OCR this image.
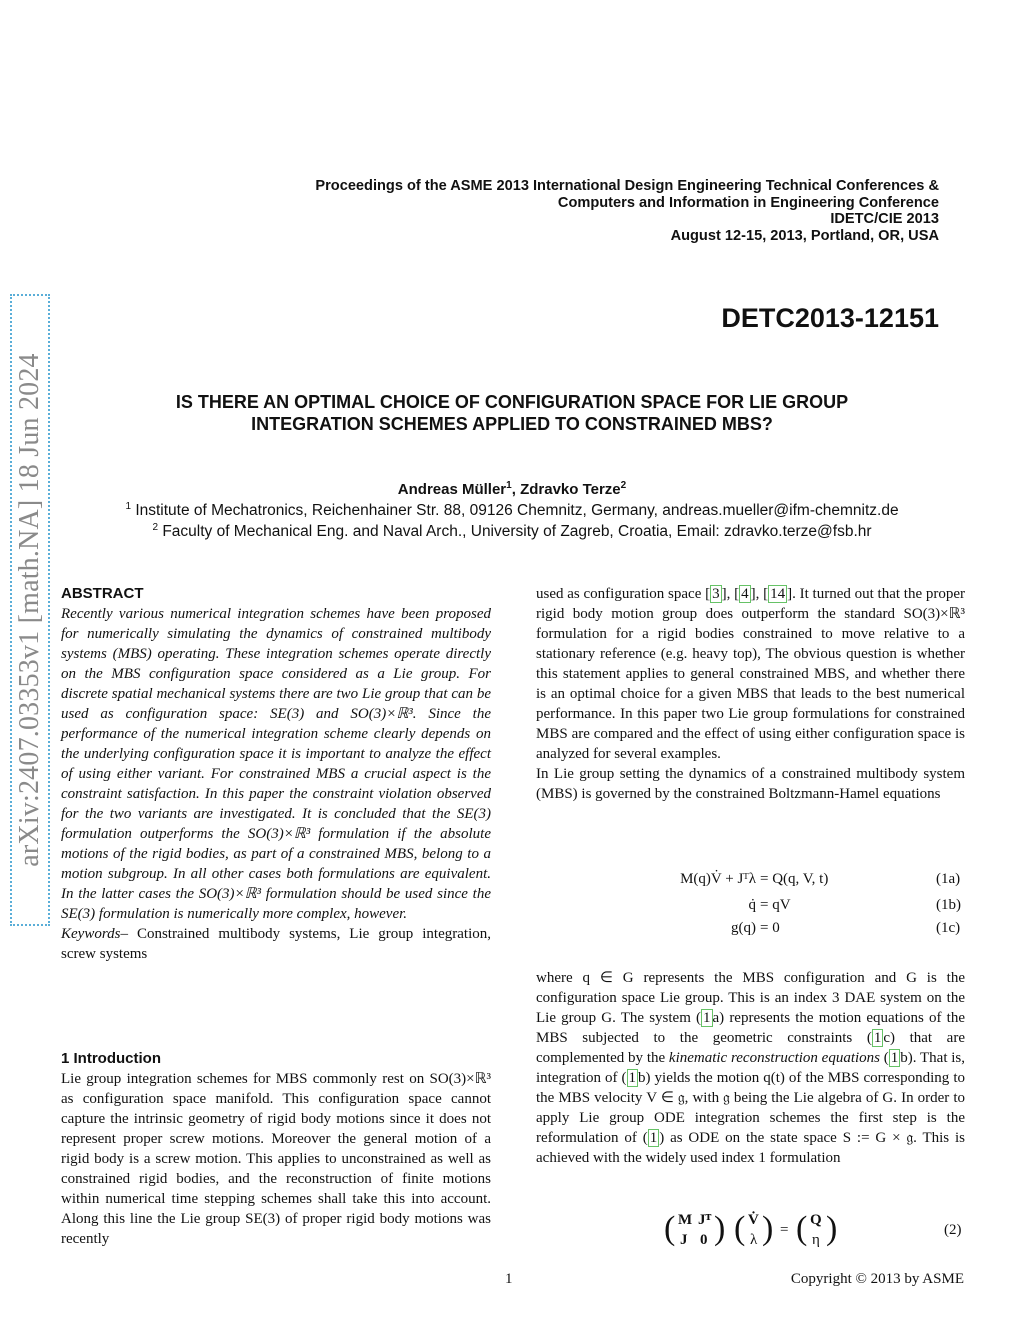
Proceedings of the ASME 2013 International Design Engineering Technical Conferences &
Computers and Information in Engineering Conference
IDETC/CIE 2013
August 12-15, 2013, Portland, OR, USA
DETC2013-12151
arXiv:2407.03353v1 [math.NA] 18 Jun 2024	IS THERE AN OPTIMAL CHOICE OF CONFIGURATION SPACE FOR LIE GROUP
INTEGRATION SCHEMES APPLIED TO CONSTRAINED MBS?
Andreas Müller$^1$, Zdravko Terze$^2$
$^1$ Institute of Mechatronics, Reichenhainer Str. 88, 09126 Chemnitz, Germany, andreas.mueller@ifm-chemnitz.de
$^2$ Faculty of Mechanical Eng. and Naval Arch., University of Zagreb, Croatia, Email: zdravko.terze@fsb.hr
ABSTRACT
Recently various numerical integration schemes have been proposed for numerically simulating the dynamics of constrained multibody systems (MBS) operating. These integration schemes operate directly on the MBS configuration space considered as a Lie group. For discrete spatial mechanical systems there are two Lie group that can be used as configuration space: SE(3) and SO(3)×ℝ³. Since the performance of the numerical integration scheme clearly depends on the underlying configuration space it is important to analyze the effect of using either variant. For constrained MBS a crucial aspect is the constraint satisfaction. In this paper the constraint violation observed for the two variants are investigated. It is concluded that the SE(3) formulation outperforms the SO(3)×ℝ³ formulation if the absolute motions of the rigid bodies, as part of a constrained MBS, belong to a motion subgroup. In all other cases both formulations are equivalent. In the latter cases the SO(3)×ℝ³ formulation should be used since the SE(3) formulation is numerically more complex, however.
Keywords– Constrained multibody systems, Lie group integration, screw systems
1 Introduction
Lie group integration schemes for MBS commonly rest on SO(3)×ℝ³ as configuration space manifold. This configuration space cannot capture the intrinsic geometry of rigid body motions since it does not represent proper screw motions. Moreover the general motion of a rigid body is a screw motion. This applies to unconstrained as well as constrained rigid bodies, and the reconstruction of finite motions within numerical time stepping schemes shall take this into account. Along this line the Lie group SE(3) of proper rigid body motions was recently
used as configuration space [ 3 ], [ 4 ], [ 14 ]. It turned out that the proper rigid body motion group does outperform the standard SO(3)×ℝ³ formulation for a rigid bodies constrained to move relative to a stationary reference (e.g. heavy top), The obvious question is whether this statement applies to general constrained MBS, and whether there is an optimal choice for a given MBS that leads to the best numerical performance. In this paper two Lie group formulations for constrained MBS are compared and the effect of using either configuration space is analyzed for several examples.
In Lie group setting the dynamics of a constrained multibody system (MBS) is governed by the constrained Boltzmann-Hamel equations
M(q)V̇ + Jᵀλ = Q(q, V, t)	(1a)
q̇ = qV	(1b)
g(q) = 0	(1c)
where q ∈ G represents the MBS configuration and G is the configuration space Lie group. This is an index 3 DAE system on the Lie group G. The system ( 1 a) represents the motion equations of the MBS subjected to the geometric constraints ( 1 c) that are complemented by the kinematic reconstruction equations ( 1 b). That is, integration of ( 1 b) yields the motion q(t) of the MBS corresponding to the MBS velocity V ∈ 𝔤, with 𝔤 being the Lie algebra of G. In order to apply Lie group ODE integration schemes the first step is the reformulation of ( 1 ) as ODE on the state space S := G × 𝔤. This is achieved with the widely used index 1 formulation
( M Jᵀ
J 0 ) ( V̇
λ ) = ( Q
η )	(2)
1	Copyright © 2013 by ASME
